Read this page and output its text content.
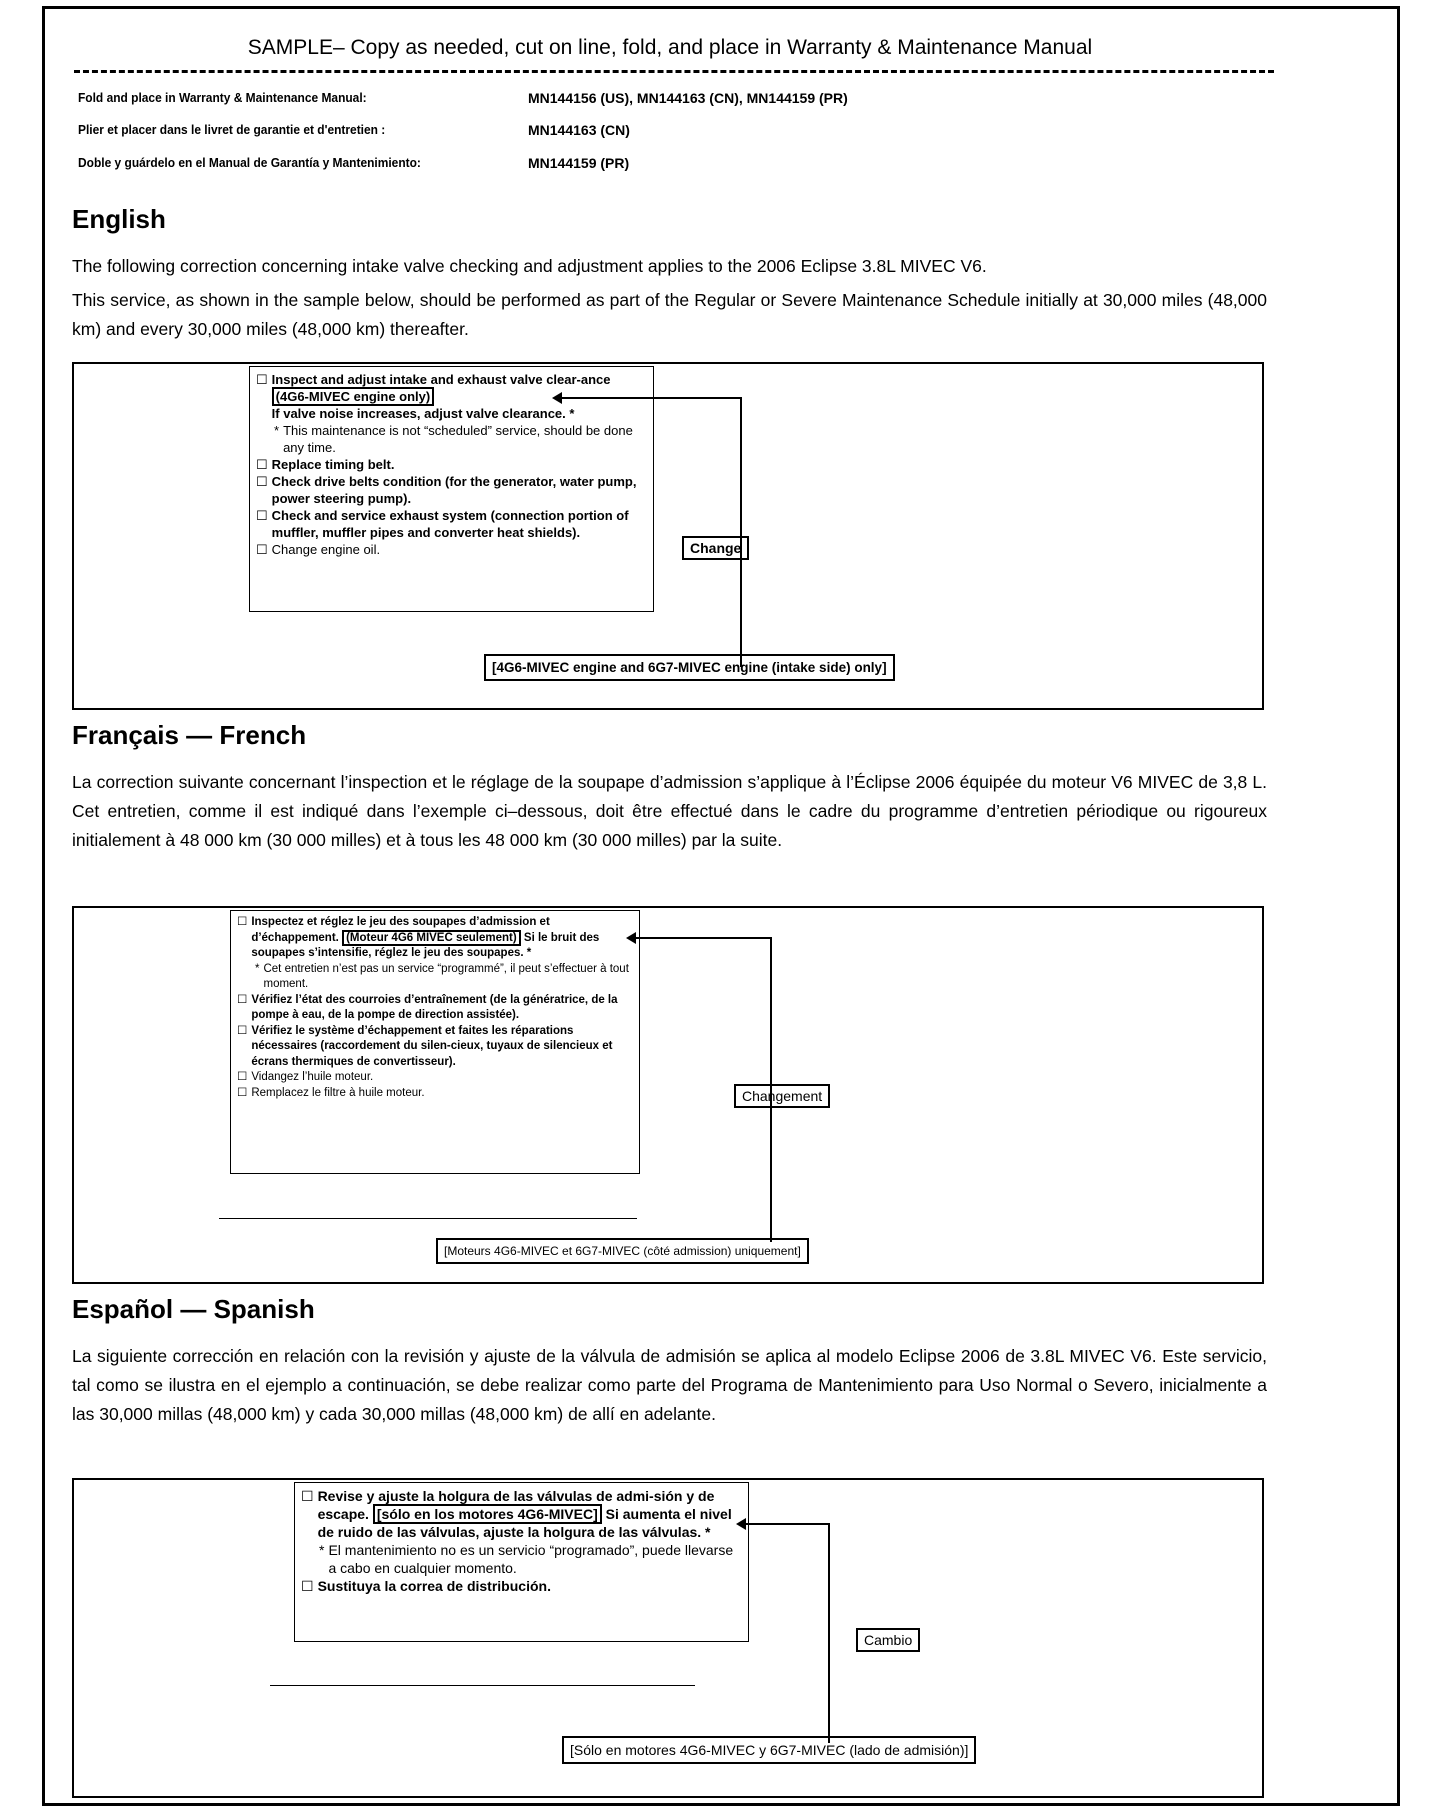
SAMPLE– Copy as needed, cut on line, fold, and place in Warranty & Maintenance Manual
Fold and place in Warranty & Maintenance Manual:	MN144156 (US), MN144163 (CN), MN144159 (PR)
Plier et placer dans le livret de garantie et d'entretien :	MN144163 (CN)
Doble y guárdelo en el Manual de Garantía y Mantenimiento:	MN144159 (PR)
English
The following correction concerning intake valve checking and adjustment applies to the 2006 Eclipse 3.8L MIVEC V6.
This service, as shown in the sample below, should be performed as part of the Regular or Severe Maintenance Schedule initially at 30,000 miles (48,000 km) and every 30,000 miles (48,000 km) thereafter.
☐ Inspect and adjust intake and exhaust valve clear-ance (4G6-MIVEC engine only)
If valve noise increases, adjust valve clearance. *
* This maintenance is not “scheduled” service, should be done any time.
☐ Replace timing belt.
☐ Check drive belts condition (for the generator, water pump, power steering pump).
☐ Check and service exhaust system (connection portion of muffler, muffler pipes and converter heat shields).
☐ Change engine oil.	Change
[4G6-MIVEC engine and 6G7-MIVEC engine (intake side) only]
Français — French
La correction suivante concernant l’inspection et le réglage de la soupape d’admission s’applique à l’Éclipse 2006 équipée du moteur V6 MIVEC de 3,8 L. Cet entretien, comme il est indiqué dans l’exemple ci–dessous, doit être effectué dans le cadre du programme d’entretien périodique ou rigoureux initialement à 48 000 km (30 000 milles) et à tous les 48 000 km (30 000 milles) par la suite.
☐ Inspectez et réglez le jeu des soupapes d’admission et d’échappement. (Moteur 4G6 MIVEC seulement) Si le bruit des soupapes s’intensifie, réglez le jeu des soupapes. *
* Cet entretien n’est pas un service “programmé”, il peut s’effectuer à tout moment.
☐ Vérifiez l’état des courroies d’entraînement (de la génératrice, de la pompe à eau, de la pompe de direction assistée).
☐ Vérifiez le système d’échappement et faites les réparations nécessaires (raccordement du silen-cieux, tuyaux de silencieux et écrans thermiques de convertisseur).
☐ Vidangez l’huile moteur.
☐ Remplacez le filtre à huile moteur.	Changement
[Moteurs 4G6-MIVEC et 6G7-MIVEC (côté admission) uniquement]
Español — Spanish
La siguiente corrección en relación con la revisión y ajuste de la válvula de admisión se aplica al modelo Eclipse 2006 de 3.8L MIVEC V6. Este servicio, tal como se ilustra en el ejemplo a continuación, se debe realizar como parte del Programa de Mantenimiento para Uso Normal o Severo, inicialmente a las 30,000 millas (48,000 km) y cada 30,000 millas (48,000 km) de allí en adelante.
☐ Revise y ajuste la holgura de las válvulas de admi-sión y de escape. [sólo en los motores 4G6-MIVEC] Si aumenta el nivel de ruido de las válvulas, ajuste la holgura de las válvulas. *
* El mantenimiento no es un servicio “programado”, puede llevarse a cabo en cualquier momento.
☐ Sustituya la correa de distribución.
Cambio
[Sólo en motores 4G6-MIVEC y 6G7-MIVEC (lado de admisión)]
